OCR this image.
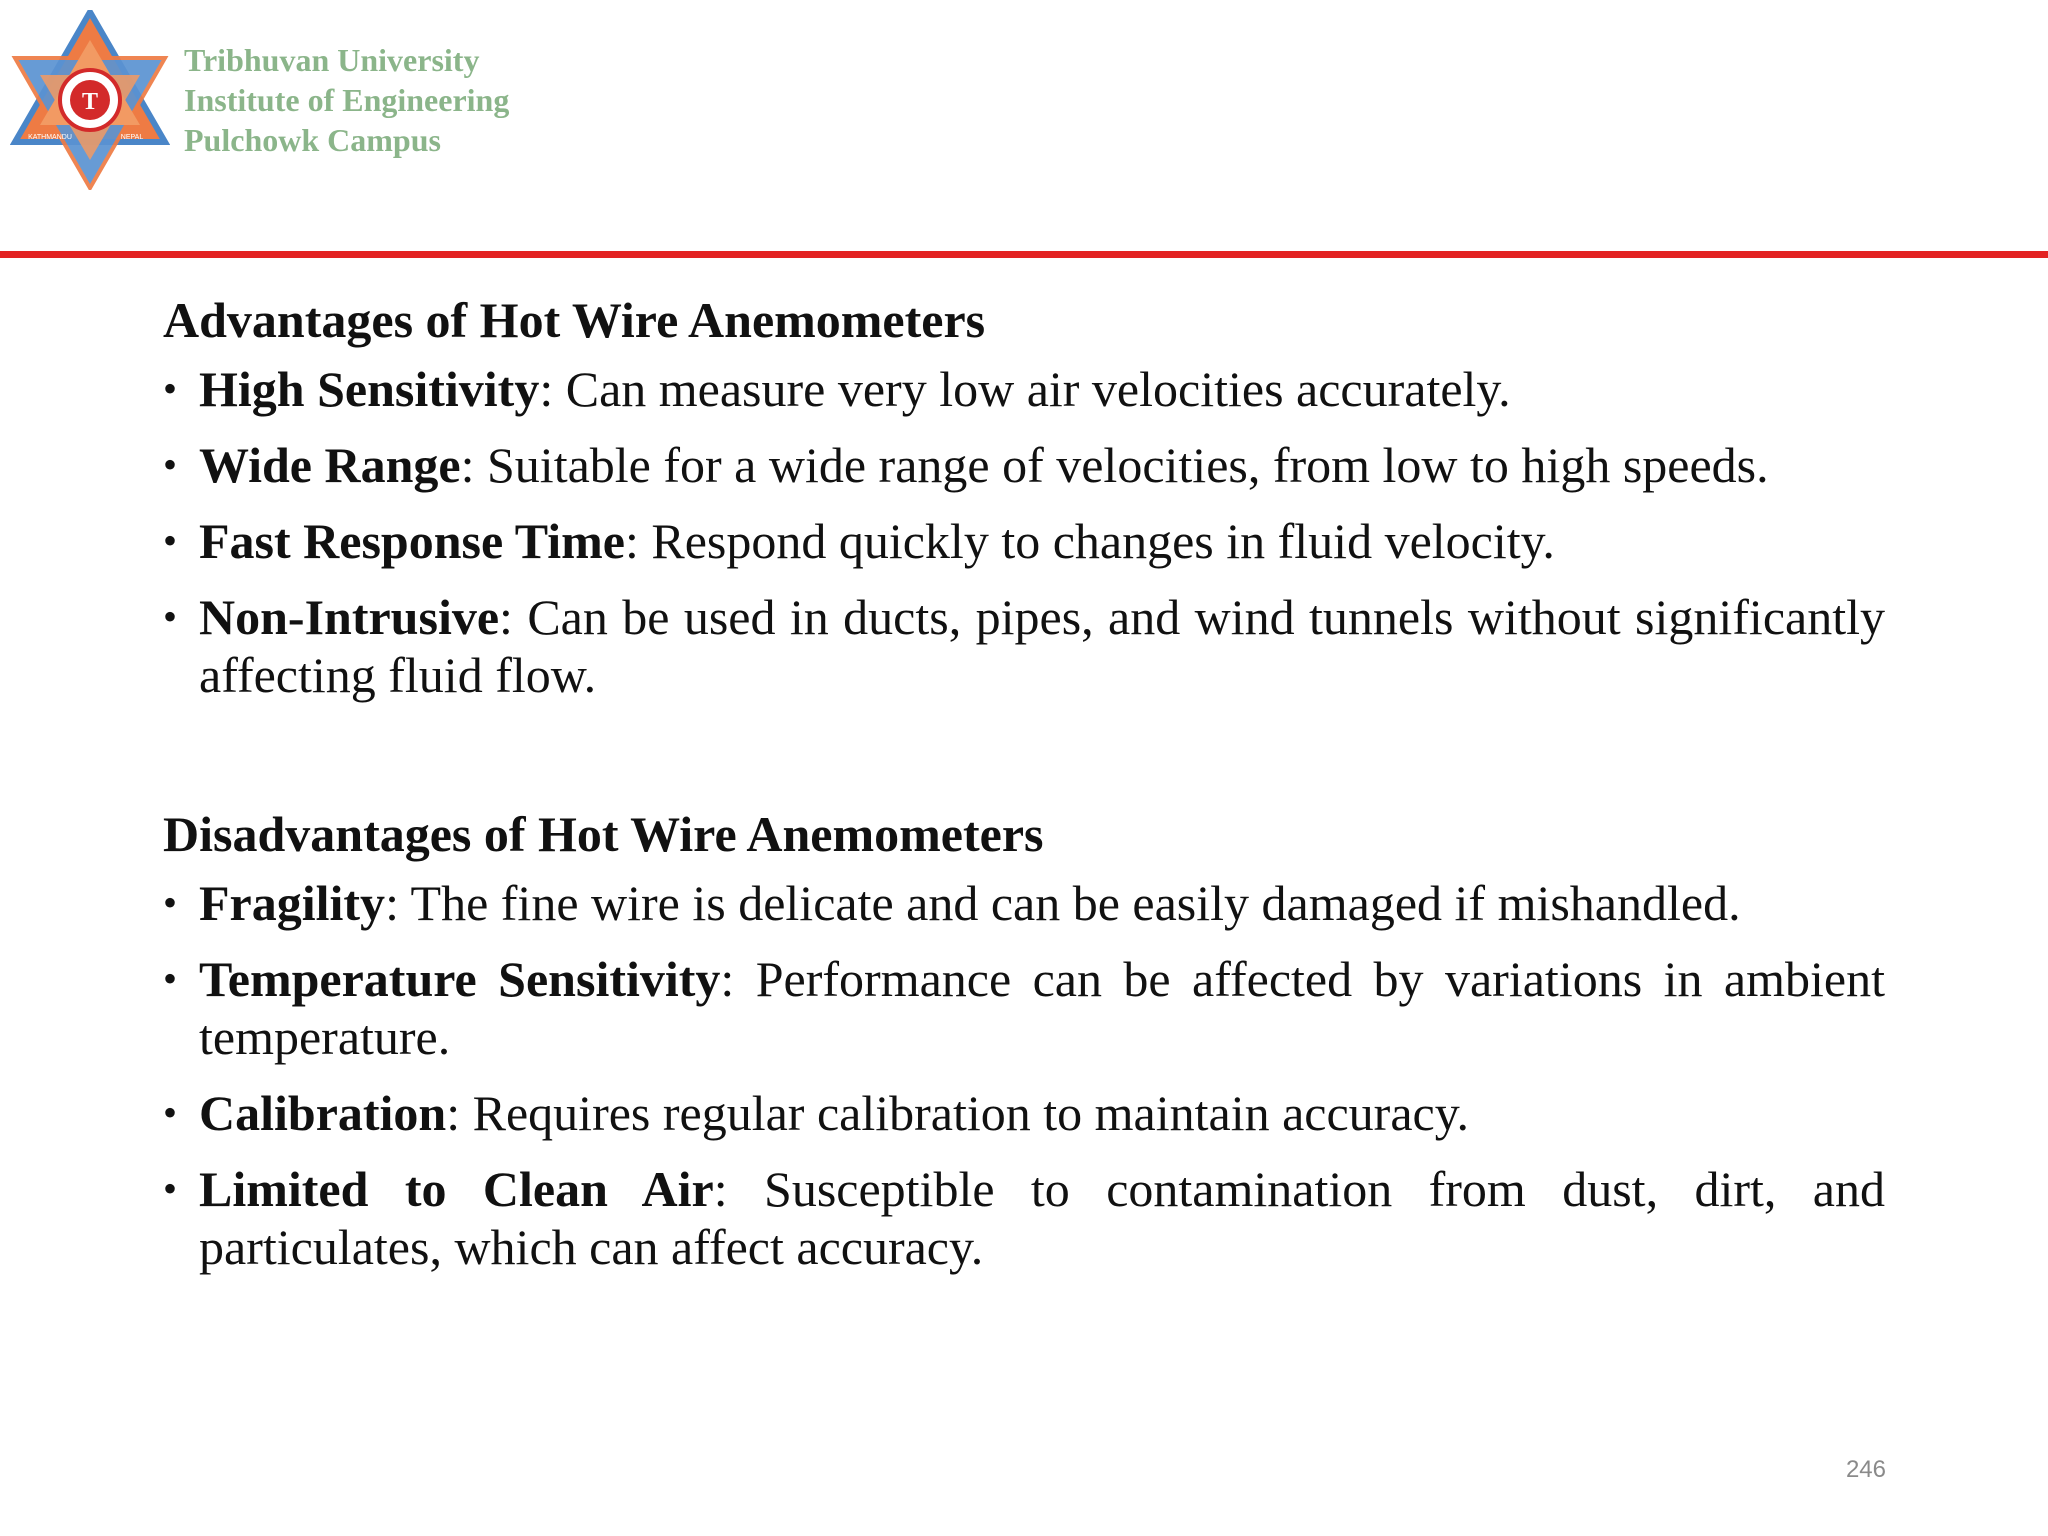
T
KATHMANDU	NEPAL
Tribhuvan University
Institute of Engineering
Pulchowk Campus
Advantages of Hot Wire Anemometers
• High Sensitivity: Can measure very low air velocities accurately.
• Wide Range: Suitable for a wide range of velocities, from low to high speeds.
• Fast Response Time: Respond quickly to changes in fluid velocity.
• Non-Intrusive: Can be used in ducts, pipes, and wind tunnels without significantly affecting fluid flow.
Disadvantages of Hot Wire Anemometers
• Fragility: The fine wire is delicate and can be easily damaged if mishandled.
• Temperature Sensitivity: Performance can be affected by variations in ambient temperature.
• Calibration: Requires regular calibration to maintain accuracy.
• Limited to Clean Air: Susceptible to contamination from dust, dirt, and particulates, which can affect accuracy.
246
